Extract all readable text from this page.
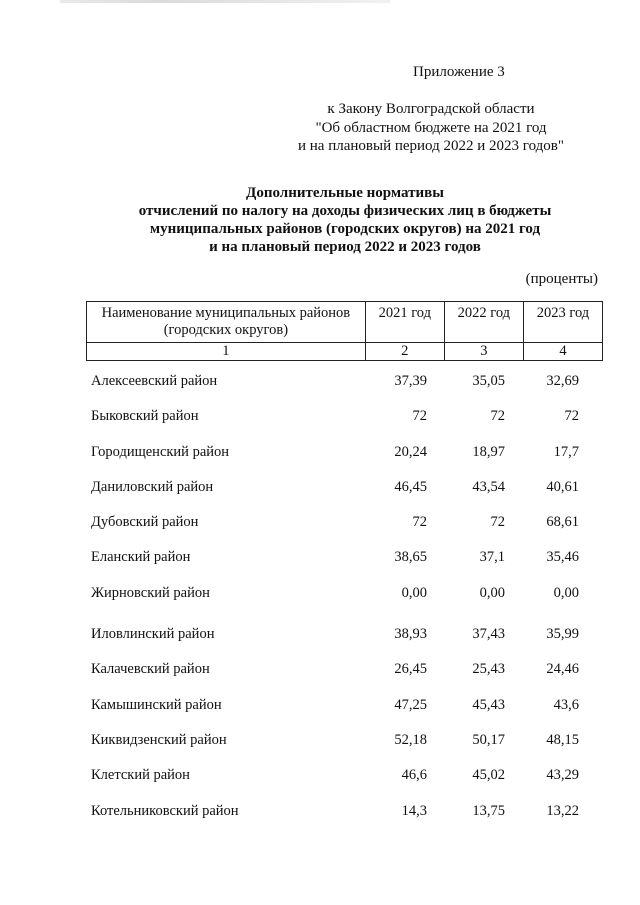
Приложение 3
к Закону Волгоградской области
"Об областном бюджете на 2021 год
и на плановый период 2022 и 2023 годов"
Дополнительные нормативы
отчислений по налогу на доходы физических лиц в бюджеты
муниципальных районов (городских округов) на 2021 год
и на плановый период 2022 и 2023 годов
(проценты)
Наименование муниципальных районов (городских округов)	2021 год	2022 год	2023 год
1	2	3	4
Алексеевский район	37,39	35,05	32,69
Быковский район	72	72	72
Городищенский район	20,24	18,97	17,7
Даниловский район	46,45	43,54	40,61
Дубовский район	72	72	68,61
Еланский район	38,65	37,1	35,46
Жирновский район	0,00	0,00	0,00
Иловлинский район	38,93	37,43	35,99
Калачевский район	26,45	25,43	24,46
Камышинский район	47,25	45,43	43,6
Киквидзенский район	52,18	50,17	48,15
Клетский район	46,6	45,02	43,29
Котельниковский район	14,3	13,75	13,22
